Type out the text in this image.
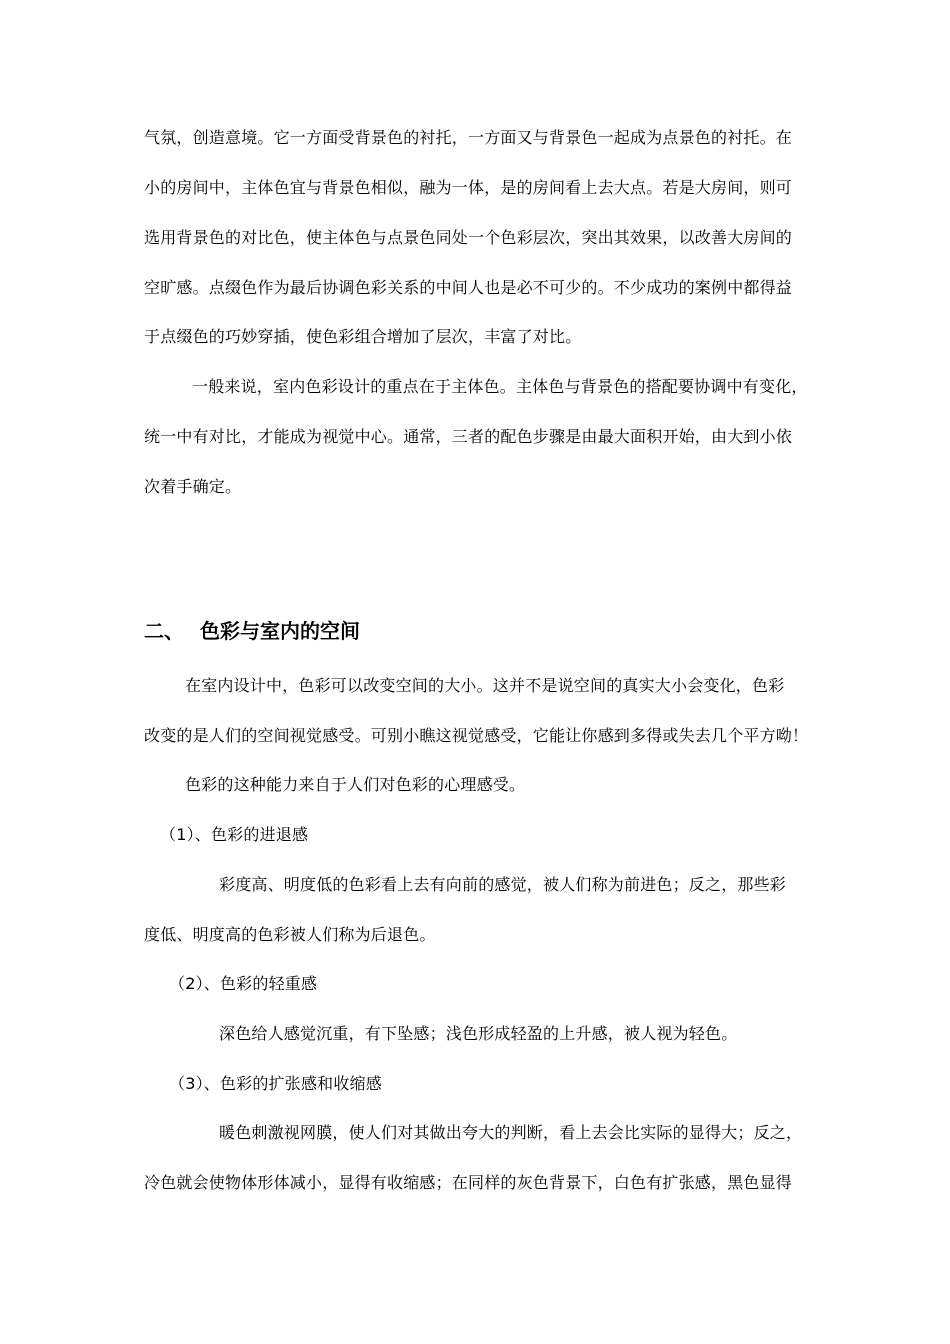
气氛，创造意境。它一方面受背景色的衬托，一方面又与背景色一起成为点景色的衬托。在
小的房间中，主体色宜与背景色相似，融为一体，是的房间看上去大点。若是大房间，则可
选用背景色的对比色，使主体色与点景色同处一个色彩层次，突出其效果，以改善大房间的
空旷感。点缀色作为最后协调色彩关系的中间人也是必不可少的。不少成功的案例中都得益
于点缀色的巧妙穿插，使色彩组合增加了层次，丰富了对比。
一般来说，室内色彩设计的重点在于主体色。主体色与背景色的搭配要协调中有变化，
统一中有对比，才能成为视觉中心。通常，三者的配色步骤是由最大面积开始，由大到小依
次着手确定。
二、 色彩与室内的空间
在室内设计中，色彩可以改变空间的大小。这并不是说空间的真实大小会变化，色彩
改变的是人们的空间视觉感受。可别小瞧这视觉感受，它能让你感到多得或失去几个平方呦！
色彩的这种能力来自于人们对色彩的心理感受。
（1）、色彩的进退感
彩度高、明度低的色彩看上去有向前的感觉，被人们称为前进色；反之，那些彩
度低、明度高的色彩被人们称为后退色。
（2）、色彩的轻重感
深色给人感觉沉重，有下坠感；浅色形成轻盈的上升感，被人视为轻色。
（3）、色彩的扩张感和收缩感
暖色刺激视网膜，使人们对其做出夸大的判断，看上去会比实际的显得大；反之，
冷色就会使物体形体减小，显得有收缩感；在同样的灰色背景下，白色有扩张感，黑色显得
